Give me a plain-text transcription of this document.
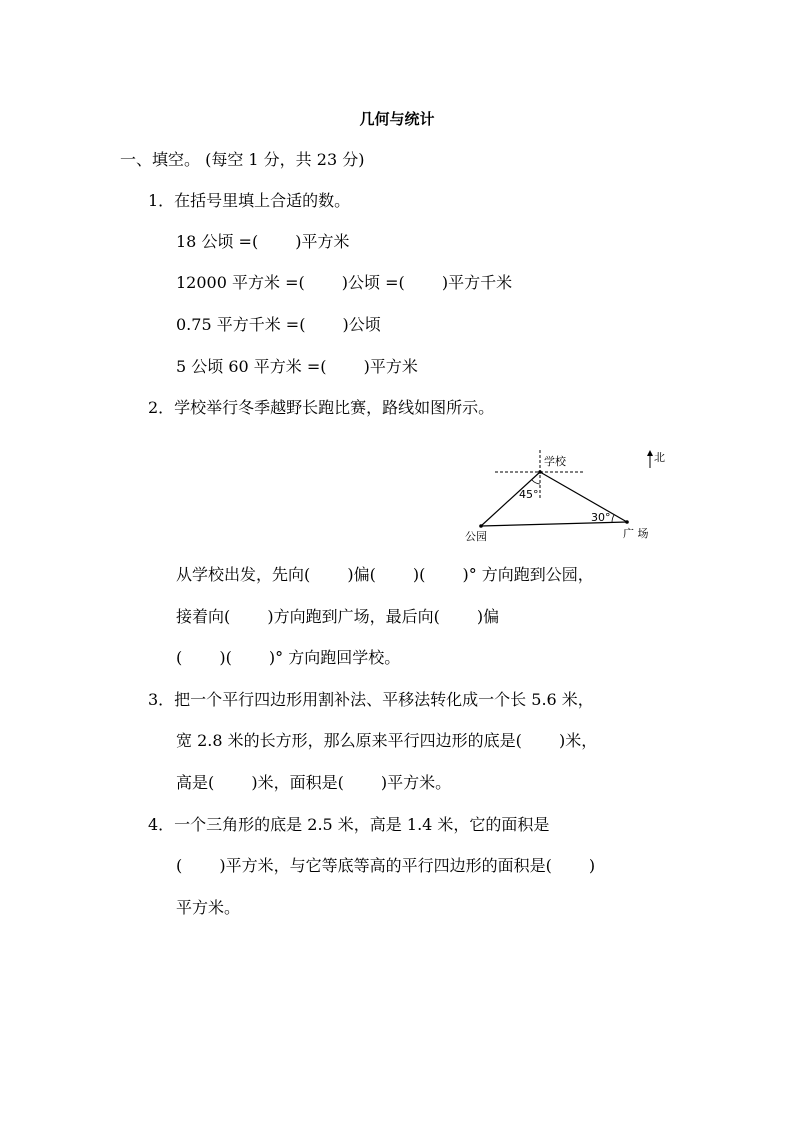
几何与统计
一、填空。 (每空 1 分，共 23 分)
1．在括号里填上合适的数。
18 公顷 =(　　 )平方米
12000 平方米 =(　　 )公顷 =(　　 )平方千米
0.75 平方千米 =(　　 )公顷
5 公顷 60 平方米 =(　　 )平方米
2．学校举行冬季越野长跑比赛，路线如图所示。
学校
公园	广 场
45°
30°
北
从学校出发，先向(　　 )偏(　　 )(　　 )° 方向跑到公园，
接着向(　　 )方向跑到广场，最后向(　　 )偏
(　　 )(　　 )° 方向跑回学校。
3．把一个平行四边形用割补法、平移法转化成一个长 5.6 米，
宽 2.8 米的长方形，那么原来平行四边形的底是(　　 )米，
高是(　　 )米，面积是(　　 )平方米。
4．一个三角形的底是 2.5 米，高是 1.4 米，它的面积是
(　　 )平方米，与它等底等高的平行四边形的面积是(　　 )
平方米。
